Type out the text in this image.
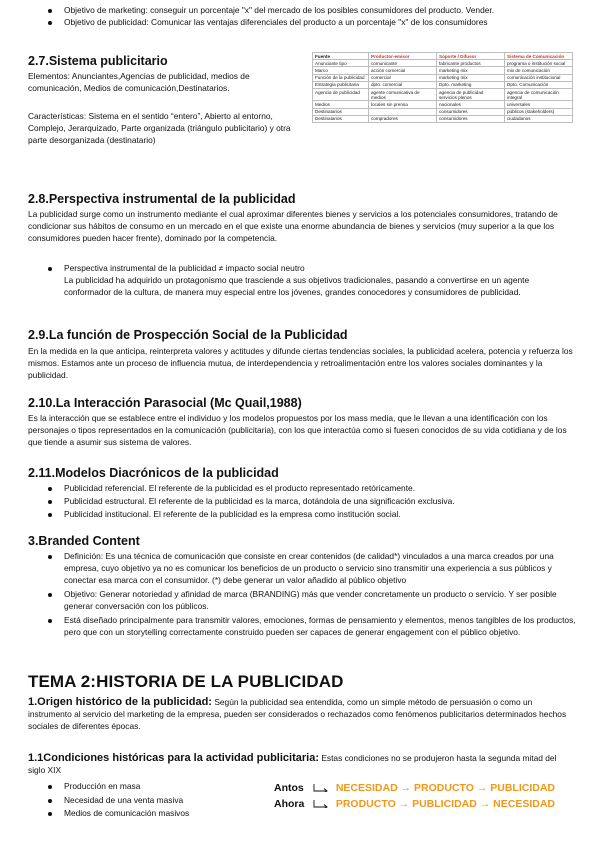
Objetivo de marketing: conseguir un porcentaje "x" del mercado de los posibles consumidores del producto. Vender.
Objetivo de publicidad: Comunicar las ventajas diferenciales del producto a un porcentaje "x" de los consumidores
2.7.Sistema publicitario
Elementos: Anunciantes,Agencias de publicidad, medios de comunicación, Medios de comunicación,Destinatarios.
Características: Sistema en el sentido “entero”, Abierto al entorno, Complejo, Jerarquizado, Parte organizada (triángulo publicitario) y otra parte desorganizada (destinatario)
Fuente	Productor-emisor	Soporte / Difusor	Sistema de Comunicación
Anunciante tipo	comunicante	fabricante productos	programa o institución social
Marco	acción comercial	marketing mix	mix de comunicación
Función de la publicidad	comercial	marketing mix	comunicación institucional
Estrategia publicitaria	dpto. comercial	Dpto. marketing	Dpto. Comunicación
Agencia de publicidad	agente comunicativa de medios	agencia de publicidad servicios plenos	agencia de comunicación integral
Medios	locales sin prensa	nacionales	universales
Destinatarios		consumidores	públicos (stakeholders)
Destinatarios	compradores	consumidores	ciudadanos
2.8.Perspectiva instrumental de la publicidad
La publicidad surge como un instrumento mediante el cual aproximar diferentes bienes y servicios a los potenciales consumidores, tratando de condicionar sus hábitos de consumo en un mercado en el que existe una enorme abundancia de bienes y servicios (muy superior a la que los consumidores pueden hacer frente), dominado por la competencia.
Perspectiva instrumental de la publicidad ≠ impacto social neutro
La publicidad ha adquirido un protagonismo que trasciende a sus objetivos tradicionales, pasando a convertirse en un agente conformador de la cultura, de manera muy especial entre los jóvenes, grandes conocedores y consumidores de publicidad.
2.9.La función de Prospección Social de la Publicidad
En la medida en la que anticipa, reinterpreta valores y actitudes y difunde ciertas tendencias sociales, la publicidad acelera, potencia y refuerza los mismos. Estamos ante un proceso de influencia mutua, de interdependencia y retroalimentación entre los valores sociales dominantes y la publicidad.
2.10.La Interacción Parasocial (Mc Quail,1988)
Es la interacción que se establece entre el individuo y los modelos propuestos por los mass media, que le llevan a una identificación con los personajes o tipos representados en la comunicación (publicitaria), con los que interactúa como si fuesen conocidos de su vida cotidiana y de los que tiende a asumir sus sistema de valores.
2.11.Modelos Diacrónicos de la publicidad
Publicidad referencial. El referente de la publicidad es el producto representado retóricamente.
Publicidad estructural. El referente de la publicidad es la marca, dotándola de una significación exclusiva.
Publicidad institucional. El referente de la publicidad es la empresa como institución social.
3.Branded Content
Definición: Es una técnica de comunicación que consiste en crear contenidos (de calidad*) vinculados a una marca creados por una empresa, cuyo objetivo ya no es comunicar los beneficios de un producto o servicio sino transmitir una experiencia a sus públicos y conectar esa marca con el consumidor. (*) debe generar un valor añadido al público objetivo
Objetivo: Generar notoriedad y afinidad de marca (BRANDING) más que vender concretamente un producto o servicio. Y ser posible generar conversación con los públicos.
Está diseñado principalmente para transmitir valores, emociones, formas de pensamiento y elementos, menos tangibles de los productos, pero que con un storytelling correctamente construido pueden ser capaces de generar engagement con el público objetivo.
TEMA 2:HISTORIA DE LA PUBLICIDAD
1.Origen histórico de la publicidad: Según la publicidad sea entendida, como un simple método de persuasión o como un instrumento al servicio del marketing de la empresa, pueden ser considerados o rechazados como fenómenos publicitarios determinados hechos sociales de diferentes épocas.
1.1Condiciones históricas para la actividad publicitaria: Estas condiciones no se produjeron hasta la segunda mitad del siglo XIX
Producción en masa
Necesidad de una venta masiva
Medios de comunicación masivos
Antos	NECESIDAD → PRODUCTO → PUBLICIDAD
Ahora	PRODUCTO → PUBLICIDAD → NECESIDAD
